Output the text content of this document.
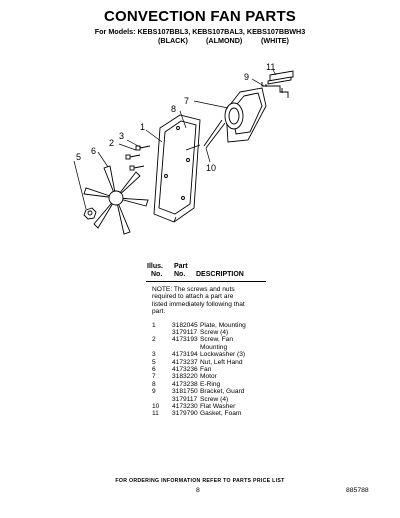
CONVECTION FAN PARTS
For Models: KEBS107BBL3, KEBS107BAL3, KEBS107BBWH3
(BLACK)	(ALMOND)	(WHITE)
1
2
3
5
6
7
8
9
10
11
Illus.
No.
Part
No. DESCRIPTION
NOTE: The screws and nuts required to attach a part are listed immediately following that part.
1 3182045 Plate, Mounting
3179117 Screw (4)
2 4173193 Screw, Fan
Mounting
3 4173194 Lockwasher (3)
5 4173237 Nut, Left Hand
6 4173236 Fan
7 3183220 Motor
8 4173238 E-Ring
9 3181750 Bracket, Guard
3179117 Screw (4)
10 4173230 Flat Washer
11 3179790 Gasket, Foam
FOR ORDERING INFORMATION REFER TO PARTS PRICE LIST
8	885788
